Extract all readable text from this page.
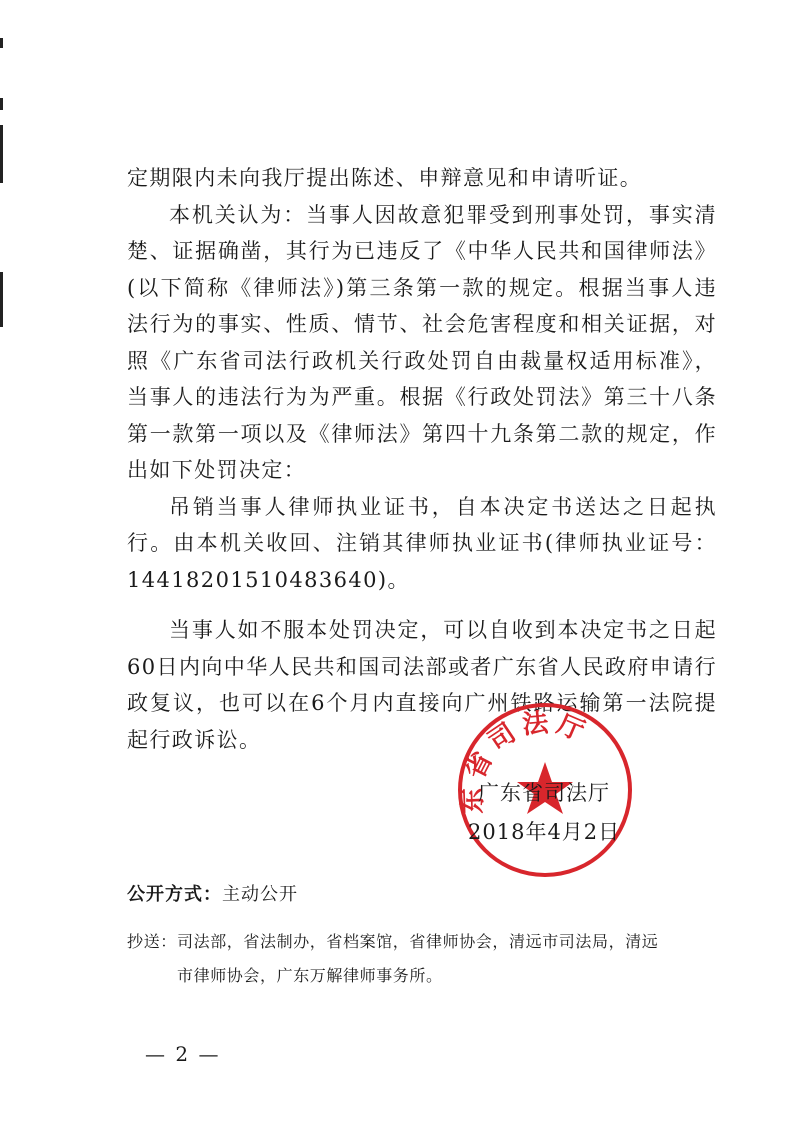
定期限内未向我厅提出陈述、申辩意见和申请听证。

本机关认为：当事人因故意犯罪受到刑事处罚，事实清楚、证据确凿，其行为已违反了《中华人民共和国律师法》(以下简称《律师法》)第三条第一款的规定。根据当事人违法行为的事实、性质、情节、社会危害程度和相关证据，对照《广东省司法行政机关行政处罚自由裁量权适用标准》，当事人的违法行为为严重。根据《行政处罚法》第三十八条第一款第一项以及《律师法》第四十九条第二款的规定，作出如下处罚决定：

吊销当事人律师执业证书，自本决定书送达之日起执行。由本机关收回、注销其律师执业证书(律师执业证号：14418201510483640)。

当事人如不服本处罚决定，可以自收到本决定书之日起60日内向中华人民共和国司法部或者广东省人民政府申请行政复议，也可以在6个月内直接向广州铁路运输第一法院提起行政诉讼。

东省司法厅
广东省司法厅
2018年4月2日
公开方式：主动公开
抄送：司法部，省法制办，省档案馆，省律师协会，清远市司法局，清远
市律师协会，广东万解律师事务所。
— 2 —
